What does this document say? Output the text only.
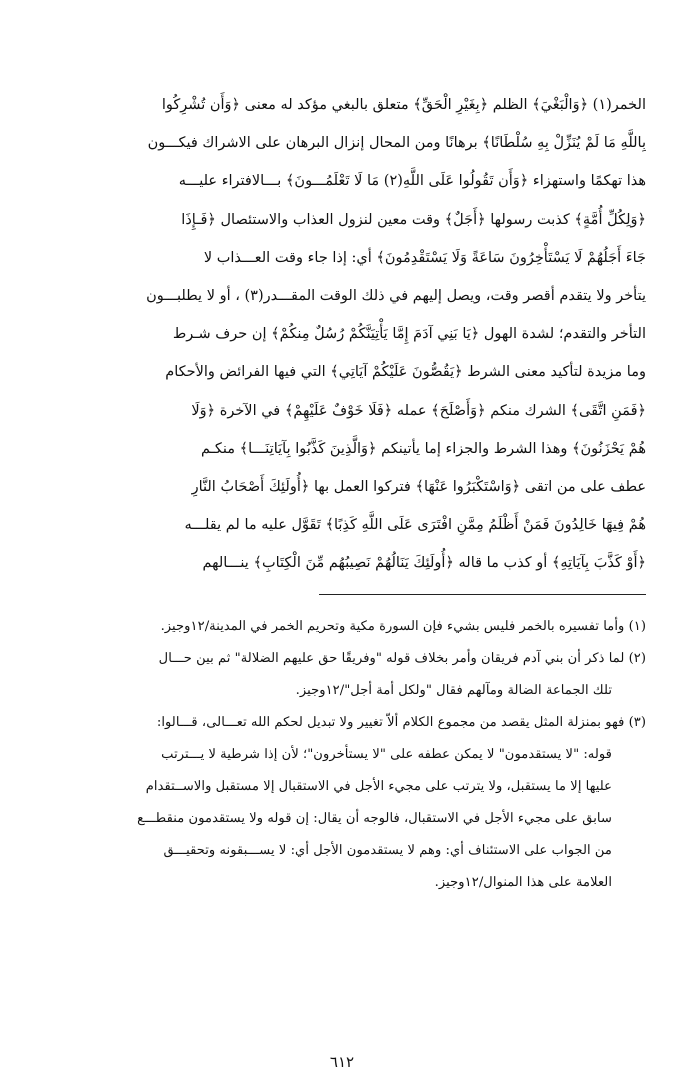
الخمر(١) ﴿وَالْبَغْيَ﴾ الظلم ﴿بِغَيْرِ الْحَقِّ﴾ متعلق بالبغي مؤكد له معنى ﴿وَأَن تُشْرِكُوا
بِاللَّهِ مَا لَمْ يُنَزِّلْ بِهِ سُلْطَانًا﴾ برهانًا ومن المحال إنزال البرهان على الاشراك فيكـــون
هذا تهكمًا واستهزاء ﴿وَأَن تَقُولُوا عَلَى اللَّهِ(٢) مَا لَا تَعْلَمُـــونَ﴾ بـــالافتراء عليـــه
﴿وَلِكُلِّ أُمَّةٍ﴾ كذبت رسولها ﴿أَجَلٌ﴾ وقت معين لنزول العذاب والاستئصال ﴿فَـإِذَا
جَاءَ أَجَلُهُمْ لَا يَسْتَأْخِرُونَ سَاعَةً وَلَا يَسْتَقْدِمُونَ﴾ أي: إذا جاء وقت العـــذاب لا
يتأخر ولا يتقدم أقصر وقت، ويصل إليهم في ذلك الوقت المقـــدر(٣) ، أو لا يطلبـــون
التأخر والتقدم؛ لشدة الهول ﴿يَا بَنِي آدَمَ إِمَّا يَأْتِيَنَّكُمْ رُسُلٌ مِنكُمْ﴾ إن حرف شـرط
وما مزيدة لتأكيد معنى الشرط ﴿يَقُصُّونَ عَلَيْكُمْ آيَاتِي﴾ التي فيها الفرائض والأحكام
﴿فَمَنِ اتَّقَى﴾ الشرك منكم ﴿وَأَصْلَحَ﴾ عمله ﴿فَلَا خَوْفٌ عَلَيْهِمْ﴾ في الآخرة ﴿وَلَا
هُمْ يَحْزَنُونَ﴾ وهذا الشرط والجزاء إما يأتينكم ﴿وَالَّذِينَ كَذَّبُوا بِآيَاتِنَـــا﴾ منكـم
عطف على من اتقى ﴿وَاسْتَكْبَرُوا عَنْهَا﴾ فتركوا العمل بها ﴿أُولَئِكَ أَصْحَابُ النَّارِ
هُمْ فِيهَا خَالِدُونَ فَمَنْ أَظْلَمُ مِمَّنِ افْتَرَى عَلَى اللَّهِ كَذِبًا﴾ تَقَوَّل عليه ما لم يقلـــه
﴿أَوْ كَذَّبَ بِآيَاتِهِ﴾ أو كذب ما قاله ﴿أُولَئِكَ يَنَالُهُمْ نَصِيبُهُم مِّنَ الْكِتَابِ﴾ ينـــالهم
(١) وأما تفسيره بالخمر فليس بشيء فإن السورة مكية وتحريم الخمر في المدينة/١٢وجيز.
(٢) لما ذكر أن بني آدم فريقان وأمر بخلاف قوله "وفريقًا حق عليهم الضلالة" ثم بين حـــال
تلك الجماعة الضالة ومآلهم فقال "ولكل أمة أجل"/١٢وجيز.
(٣) فهو بمنزلة المثل يقصد من مجموع الكلام ألاّ تغيير ولا تبديل لحكم الله تعـــالى، قـــالوا:
قوله: "لا يستقدمون" لا يمكن عطفه على "لا يستأخرون"؛ لأن إذا شرطية لا يـــترتب
عليها إلا ما يستقبل، ولا يترتب على مجيء الأجل في الاستقبال إلا مستقبل والاســتقدام
سابق على مجيء الأجل في الاستقبال، فالوجه أن يقال: إن قوله ولا يستقدمون منقطـــع
من الجواب على الاستئناف أي: وهم لا يستقدمون الأجل أي: لا يســـبقونه وتحقيـــق
العلامة على هذا المنوال/١٢وجيز.
٦١٢
